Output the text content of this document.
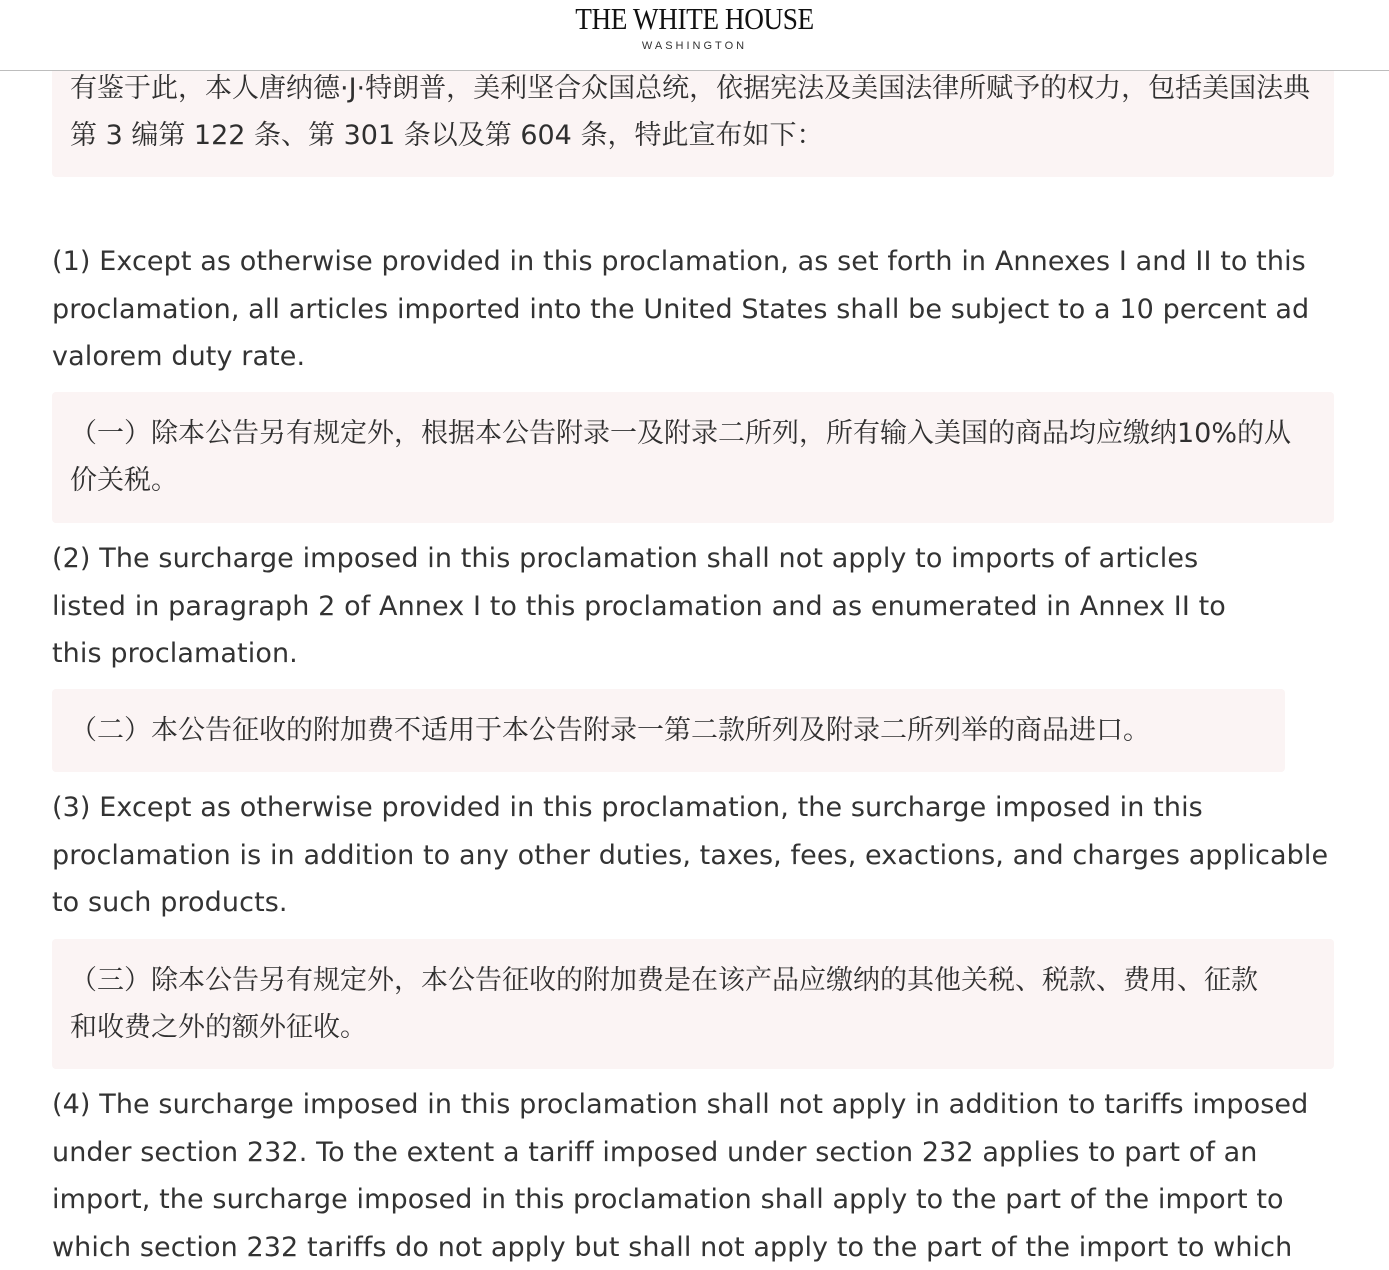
有鉴于此，本人唐纳德·J·特朗普，美利坚合众国总统，依据宪法及美国法律所赋予的权力，包括美国法典第 3 编第 122 条、第 301 条以及第 604 条，特此宣布如下：
(1) Except as otherwise provided in this proclamation, as set forth in Annexes I and II to this proclamation, all articles imported into the United States shall be subject to a 10 percent ad valorem duty rate.
（一）除本公告另有规定外，根据本公告附录一及附录二所列，所有输入美国的商品均应缴纳10%的从价关税。
(2) The surcharge imposed in this proclamation shall not apply to imports of articles listed in paragraph 2 of Annex I to this proclamation and as enumerated in Annex II to this proclamation.
（二）本公告征收的附加费不适用于本公告附录一第二款所列及附录二所列举的商品进口。
(3) Except as otherwise provided in this proclamation, the surcharge imposed in this proclamation is in addition to any other duties, taxes, fees, exactions, and charges applicable to such products.
（三）除本公告另有规定外，本公告征收的附加费是在该产品应缴纳的其他关税、税款、费用、征款和收费之外的额外征收。
(4) The surcharge imposed in this proclamation shall not apply in addition to tariffs imposed under section 232. To the extent a tariff imposed under section 232 applies to part of an import, the surcharge imposed in this proclamation shall apply to the part of the import to which section 232 tariffs do not apply but shall not apply to the part of the import to which
THE WHITE HOUSE
WASHINGTON
